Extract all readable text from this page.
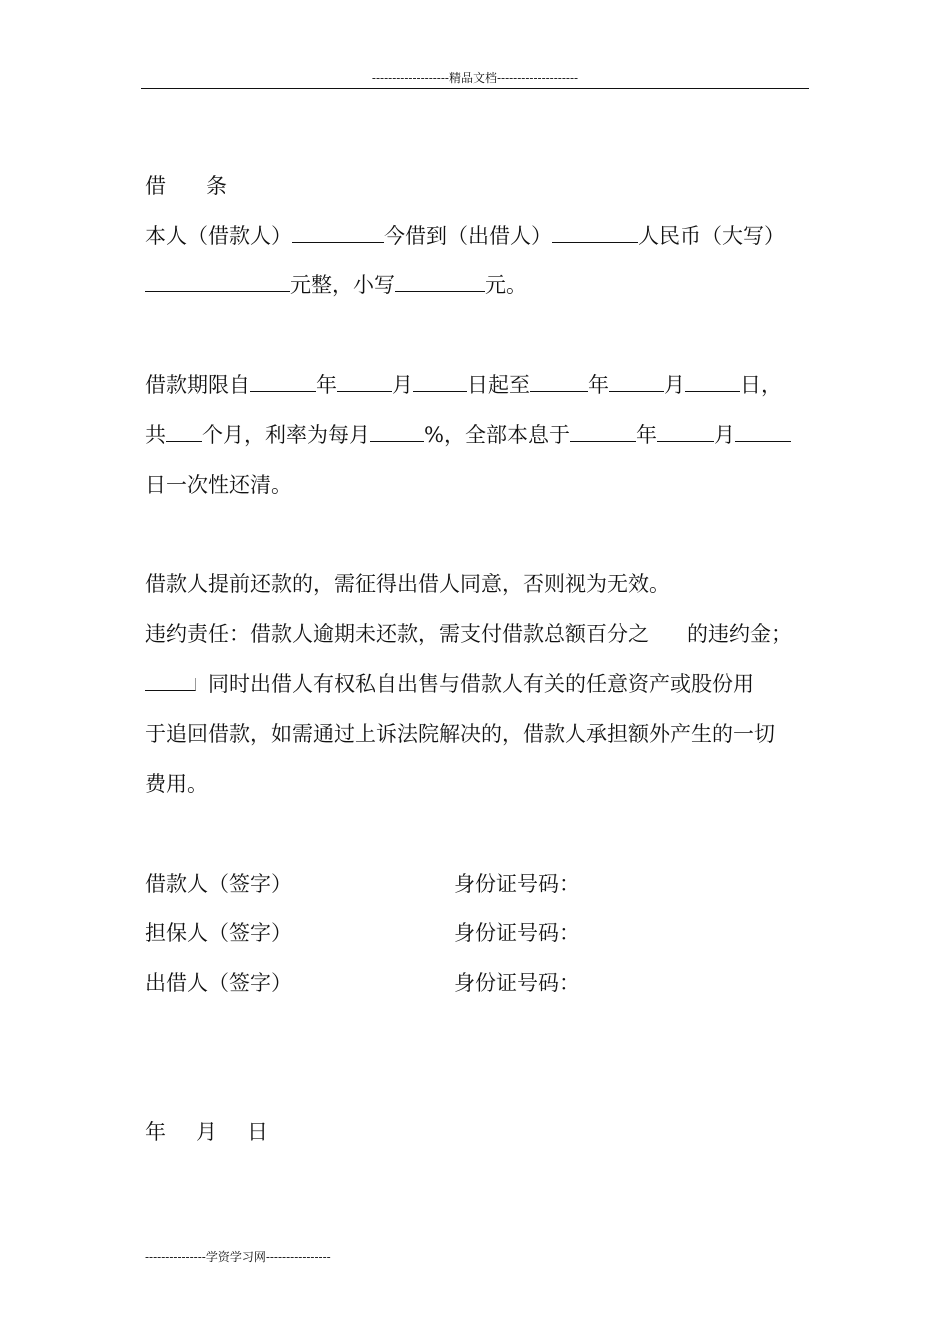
-------------------精品文档--------------------
借 条
本人（借款人）	今借到（出借人）	人民币（大写）
元整，小写	元。
借款期限自	年	月	日起至	年	月	日，
共 个月，利率为每月	%，全部本息于	年	月
日一次性还清。
借款人提前还款的，需征得出借人同意，否则视为无效。
违约责任：借款人逾期未还款，需支付借款总额百分之 的违约金；
同时出借人有权私自出售与借款人有关的任意资产或股份用
于追回借款，如需通过上诉法院解决的，借款人承担额外产生的一切
费用。
借款人（签字）	身份证号码：
担保人（签字）	身份证号码：
出借人（签字）	身份证号码：
年 月 日
---------------学资学习网----------------
